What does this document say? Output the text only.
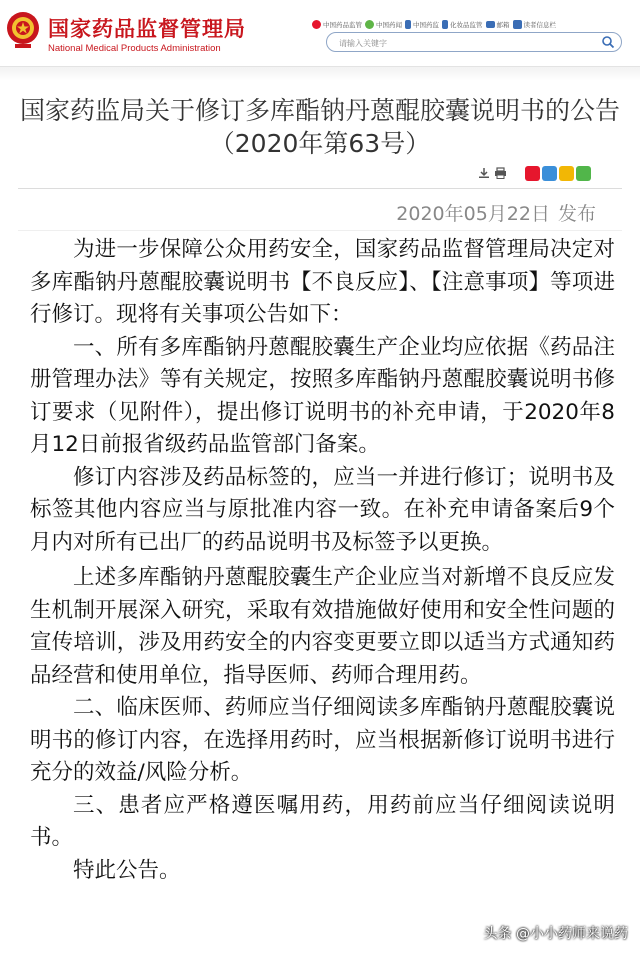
国家药品监督管理局
National Medical Products Administration
中国药品监管 中国药闻 中国药监 化妆品监管 邮箱 读者信息栏
请输入关键字
国家药监局关于修订多库酯钠丹蒽醌胶囊说明书的公告（2020年第63号）
2020年05月22日 发布

为进一步保障公众用药安全，国家药品监督管理局决定对多库酯钠丹蒽醌胶囊说明书【不良反应】、【注意事项】等项进行修订。现将有关事项公告如下：

一、所有多库酯钠丹蒽醌胶囊生产企业均应依据《药品注册管理办法》等有关规定，按照多库酯钠丹蒽醌胶囊说明书修订要求（见附件），提出修订说明书的补充申请，于2020年8月12日前报省级药品监管部门备案。

修订内容涉及药品标签的，应当一并进行修订；说明书及标签其他内容应当与原批准内容一致。在补充申请备案后9个月内对所有已出厂的药品说明书及标签予以更换。

上述多库酯钠丹蒽醌胶囊生产企业应当对新增不良反应发生机制开展深入研究，采取有效措施做好使用和安全性问题的宣传培训，涉及用药安全的内容变更要立即以适当方式通知药品经营和使用单位，指导医师、药师合理用药。

二、临床医师、药师应当仔细阅读多库酯钠丹蒽醌胶囊说明书的修订内容，在选择用药时，应当根据新修订说明书进行充分的效益/风险分析。

三、患者应严格遵医嘱用药，用药前应当仔细阅读说明书。

特此公告。

头条 @小小药师来说药
